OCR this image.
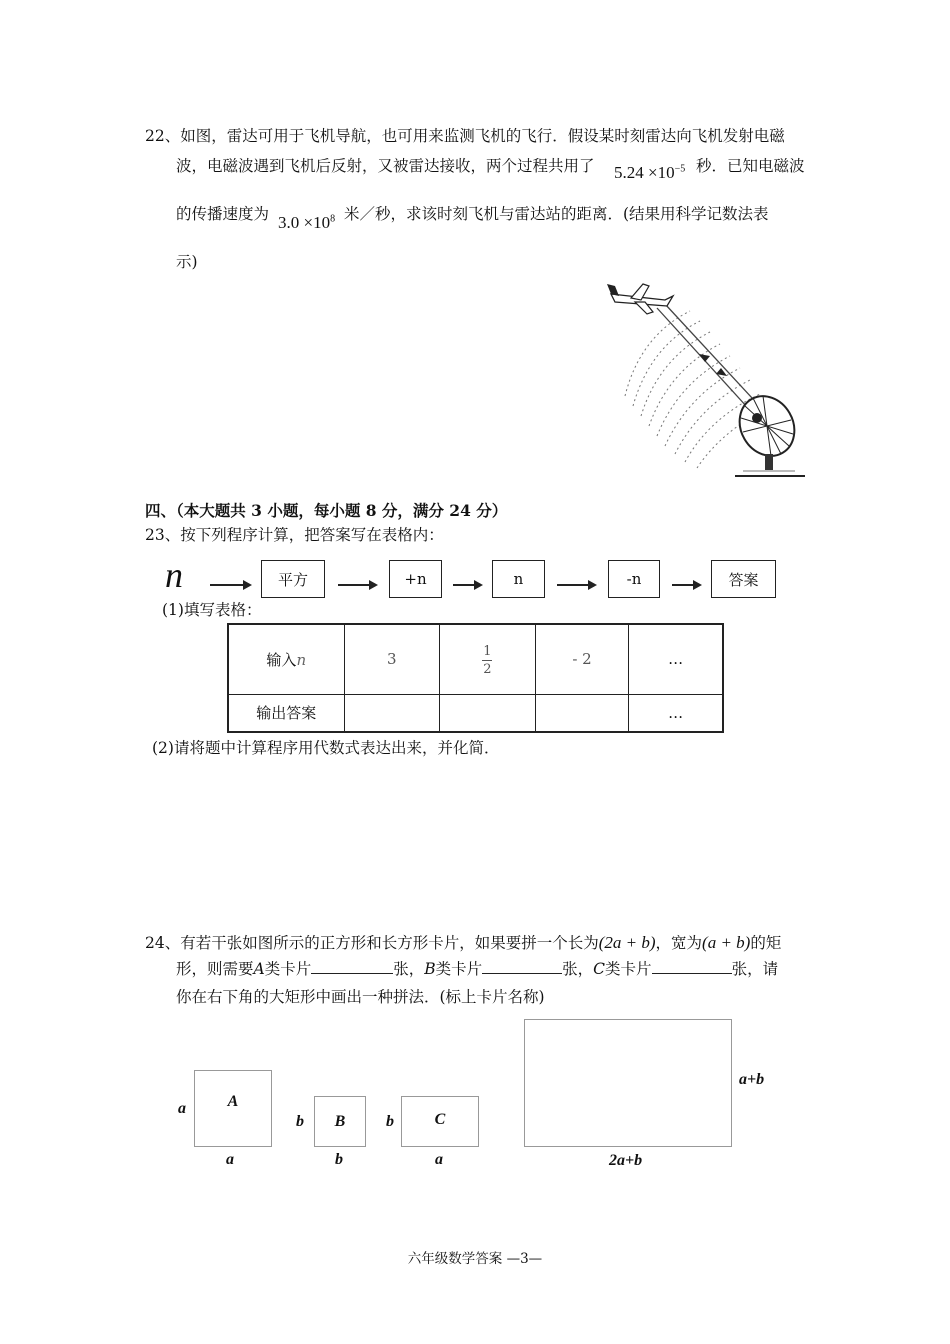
22、如图，雷达可用于飞机导航，也可用来监测飞机的飞行．假设某时刻雷达向飞机发射电磁
波，电磁波遇到飞机后反射，又被雷达接收，两个过程共用了 $5.24 \times 10^{-5}$ 秒．已知电磁波
的传播速度为 $3.0 \times 10^8$ 米／秒，求该时刻飞机与雷达站的距离．(结果用科学记数法表
示)
四、（本大题共 3 小题，每小题 8 分，满分 24 分）
23、按下列程序计算，把答案写在表格内：
n	平方	+n	n	-n	答案
(1)填写表格：
输入n	3	$\frac{1}{2}$	- 2	…
输出答案				…
(2)请将题中计算程序用代数式表达出来，并化简．
24、有若干张如图所示的正方形和长方形卡片，如果要拼一个长为(2a + b)，宽为(a + b)的矩
形，则需要A类卡片	张，B类卡片	张，C类卡片	张，请
你在右下角的大矩形中画出一种拼法．(标上卡片名称)
a	A
a
b B
b
b	C
a
a+b
2a+b
六年级数学答案 —3—
